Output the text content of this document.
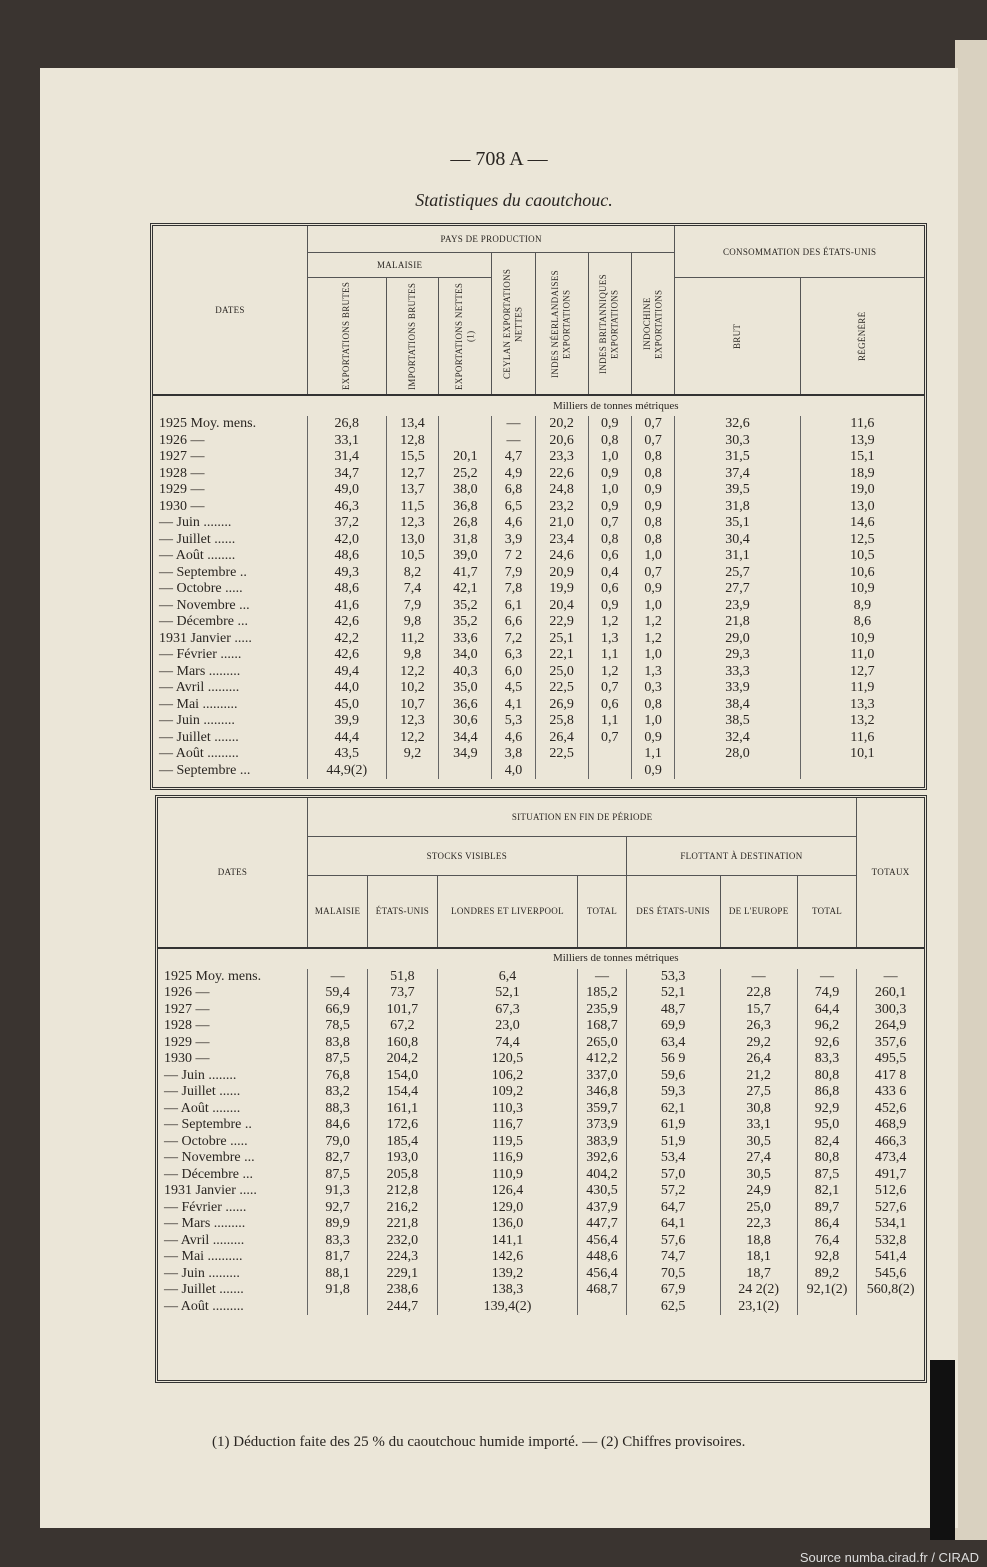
— 708 A —
Statistiques du caoutchouc.
DATES	PAYS DE PRODUCTION							CONSOMMATION DES ÉTATS-UNIS	
	MALAISIE			CEYLAN EXPORTATIONS NETTES	INDES NÉERLANDAISES EXPORTATIONS	INDES BRITANNIQUES EXPORTATIONS	INDOCHINE EXPORTATIONS		

	EXPORTATIONS BRUTES	IMPORTATIONS BRUTES	EXPORTATIONS NETTES (1)					BRUT	RÉGÉNÉRÉ

	Milliers de tonnes métriques								
1925 Moy. mens.	26,8	13,4		—	20,2	0,9	0,7	32,6	11,6
1926 —	33,1	12,8		—	20,6	0,8	0,7	30,3	13,9
1927 —	31,4	15,5	20,1	4,7	23,3	1,0	0,8	31,5	15,1
1928 —	34,7	12,7	25,2	4,9	22,6	0,9	0,8	37,4	18,9
1929 —	49,0	13,7	38,0	6,8	24,8	1,0	0,9	39,5	19,0
1930 —	46,3	11,5	36,8	6,5	23,2	0,9	0,9	31,8	13,0
— Juin ........	37,2	12,3	26,8	4,6	21,0	0,7	0,8	35,1	14,6
— Juillet ......	42,0	13,0	31,8	3,9	23,4	0,8	0,8	30,4	12,5
— Août ........	48,6	10,5	39,0	7 2	24,6	0,6	1,0	31,1	10,5
— Septembre ..	49,3	8,2	41,7	7,9	20,9	0,4	0,7	25,7	10,6
— Octobre .....	48,6	7,4	42,1	7,8	19,9	0,6	0,9	27,7	10,9
— Novembre ...	41,6	7,9	35,2	6,1	20,4	0,9	1,0	23,9	8,9
— Décembre ...	42,6	9,8	35,2	6,6	22,9	1,2	1,2	21,8	8,6
1931 Janvier .....	42,2	11,2	33,6	7,2	25,1	1,3	1,2	29,0	10,9
— Février ......	42,6	9,8	34,0	6,3	22,1	1,1	1,0	29,3	11,0
— Mars .........	49,4	12,2	40,3	6,0	25,0	1,2	1,3	33,3	12,7
— Avril .........	44,0	10,2	35,0	4,5	22,5	0,7	0,3	33,9	11,9
— Mai ..........	45,0	10,7	36,6	4,1	26,9	0,6	0,8	38,4	13,3
— Juin .........	39,9	12,3	30,6	5,3	25,8	1,1	1,0	38,5	13,2
— Juillet .......	44,4	12,2	34,4	4,6	26,4	0,7	0,9	32,4	11,6
— Août .........	43,5	9,2	34,9	3,8	22,5		1,1	28,0	10,1
— Septembre ...	44,9(2)			4,0			0,9		
DATES	SITUATION EN FIN DE PÉRIODE							TOTAUX
	STOCKS VISIBLES				FLOTTANT À DESTINATION			
	MALAISIE	ÉTATS-UNIS	LONDRES ET LIVERPOOL	TOTAL	DES ÉTATS-UNIS	DE L'EUROPE	TOTAL	
	Milliers de tonnes métriques							
1925 Moy. mens.	—	51,8	6,4	—	53,3	—	—	—
1926 —	59,4	73,7	52,1	185,2	52,1	22,8	74,9	260,1
1927 —	66,9	101,7	67,3	235,9	48,7	15,7	64,4	300,3
1928 —	78,5	67,2	23,0	168,7	69,9	26,3	96,2	264,9
1929 —	83,8	160,8	74,4	265,0	63,4	29,2	92,6	357,6
1930 —	87,5	204,2	120,5	412,2	56 9	26,4	83,3	495,5
— Juin ........	76,8	154,0	106,2	337,0	59,6	21,2	80,8	417 8
— Juillet ......	83,2	154,4	109,2	346,8	59,3	27,5	86,8	433 6
— Août ........	88,3	161,1	110,3	359,7	62,1	30,8	92,9	452,6
— Septembre ..	84,6	172,6	116,7	373,9	61,9	33,1	95,0	468,9
— Octobre .....	79,0	185,4	119,5	383,9	51,9	30,5	82,4	466,3
— Novembre ...	82,7	193,0	116,9	392,6	53,4	27,4	80,8	473,4
— Décembre ...	87,5	205,8	110,9	404,2	57,0	30,5	87,5	491,7
1931 Janvier .....	91,3	212,8	126,4	430,5	57,2	24,9	82,1	512,6
— Février ......	92,7	216,2	129,0	437,9	64,7	25,0	89,7	527,6
— Mars .........	89,9	221,8	136,0	447,7	64,1	22,3	86,4	534,1
— Avril .........	83,3	232,0	141,1	456,4	57,6	18,8	76,4	532,8
— Mai ..........	81,7	224,3	142,6	448,6	74,7	18,1	92,8	541,4
— Juin .........	88,1	229,1	139,2	456,4	70,5	18,7	89,2	545,6
— Juillet .......	91,8	238,6	138,3	468,7	67,9	24 2(2)	92,1(2)	560,8(2)
— Août .........		244,7	139,4(2)		62,5	23,1(2)		
(1) Déduction faite des 25 % du caoutchouc humide importé. — (2) Chiffres provisoires.
Source numba.cirad.fr / CIRAD
